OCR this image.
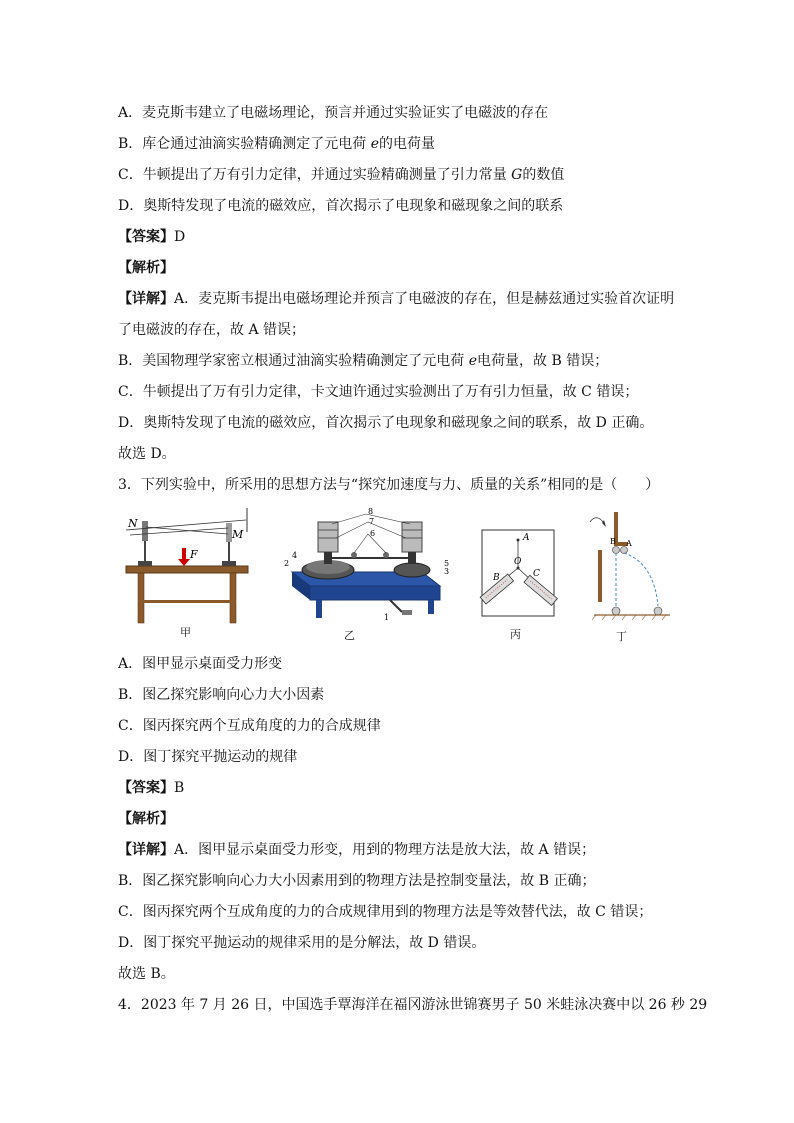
A．麦克斯韦建立了电磁场理论，预言并通过实验证实了电磁波的存在
B．库仑通过油滴实验精确测定了元电荷 e的电荷量
C．牛顿提出了万有引力定律，并通过实验精确测量了引力常量 G的数值
D．奥斯特发现了电流的磁效应，首次揭示了电现象和磁现象之间的联系
【答案】D
【解析】
【详解】A．麦克斯韦提出电磁场理论并预言了电磁波的存在，但是赫兹通过实验首次证明
了电磁波的存在，故 A 错误；
B．美国物理学家密立根通过油滴实验精确测定了元电荷 e电荷量，故 B 错误；
C．牛顿提出了万有引力定律，卡文迪许通过实验测出了万有引力恒量，故 C 错误；
D．奥斯特发现了电流的磁效应，首次揭示了电现象和磁现象之间的联系，故 D 正确。
故选 D。
3．下列实验中，所采用的思想方法与“探究加速度与力、质量的关系”相同的是（　　）
F
N
M
甲
8
7
6
4
2	5
3
1
乙
A
B
O
C
丙
B A
丁
A．图甲显示桌面受力形变
B．图乙探究影响向心力大小因素
C．图丙探究两个互成角度的力的合成规律
D．图丁探究平抛运动的规律
【答案】B
【解析】
【详解】A．图甲显示桌面受力形变，用到的物理方法是放大法，故 A 错误；
B．图乙探究影响向心力大小因素用到的物理方法是控制变量法，故 B 正确；
C．图丙探究两个互成角度的力的合成规律用到的物理方法是等效替代法，故 C 错误；
D．图丁探究平抛运动的规律采用的是分解法，故 D 错误。
故选 B。
4．2023 年 7 月 26 日，中国选手覃海洋在福冈游泳世锦赛男子 50 米蛙泳决赛中以 26 秒 29
